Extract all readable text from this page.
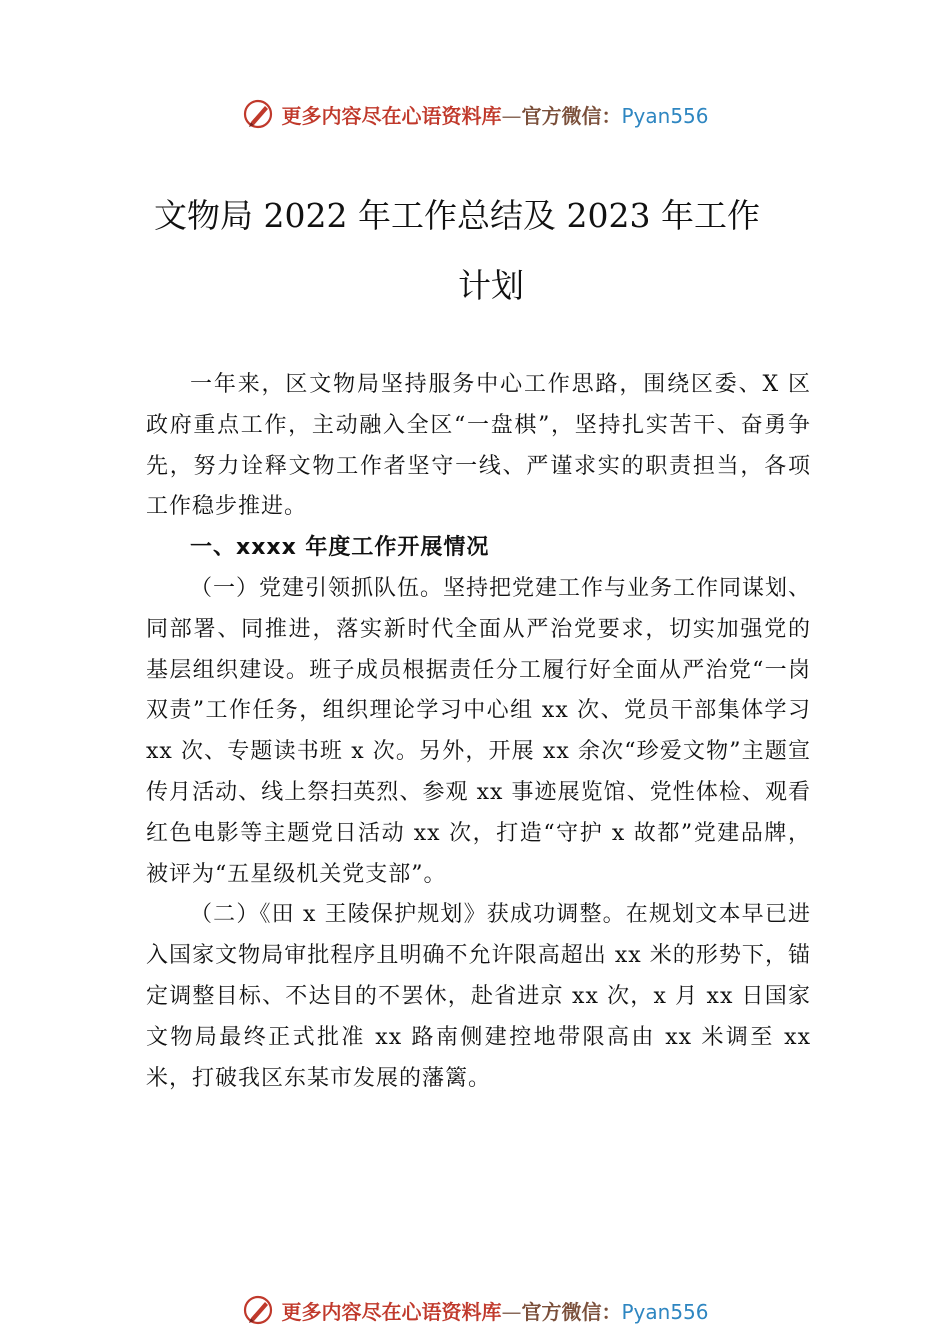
更多内容尽在心语资料库—官方微信：Pyan556
文物局 2022 年工作总结及 2023 年工作
计划

一年来，区文物局坚持服务中心工作思路，围绕区委、X 区政府重点工作，主动融入全区“一盘棋”，坚持扎实苦干、奋勇争先，努力诠释文物工作者坚守一线、严谨求实的职责担当，各项工作稳步推进。

一、xxxx 年度工作开展情况

（一）党建引领抓队伍。坚持把党建工作与业务工作同谋划、同部署、同推进，落实新时代全面从严治党要求，切实加强党的基层组织建设。班子成员根据责任分工履行好全面从严治党“一岗双责”工作任务，组织理论学习中心组 xx 次、党员干部集体学习 xx 次、专题读书班 x 次。另外，开展 xx 余次“珍爱文物”主题宣传月活动、线上祭扫英烈、参观 xx 事迹展览馆、党性体检、观看红色电影等主题党日活动 xx 次，打造“守护 x 故都”党建品牌，被评为“五星级机关党支部”。

（二）《田 x 王陵保护规划》获成功调整。在规划文本早已进入国家文物局审批程序且明确不允许限高超出 xx 米的形势下，锚定调整目标、不达目的不罢休，赴省进京 xx 次，x 月 xx 日国家文物局最终正式批准 xx 路南侧建控地带限高由 xx 米调至 xx 米，打破我区东某市发展的藩篱。

更多内容尽在心语资料库—官方微信：Pyan556
